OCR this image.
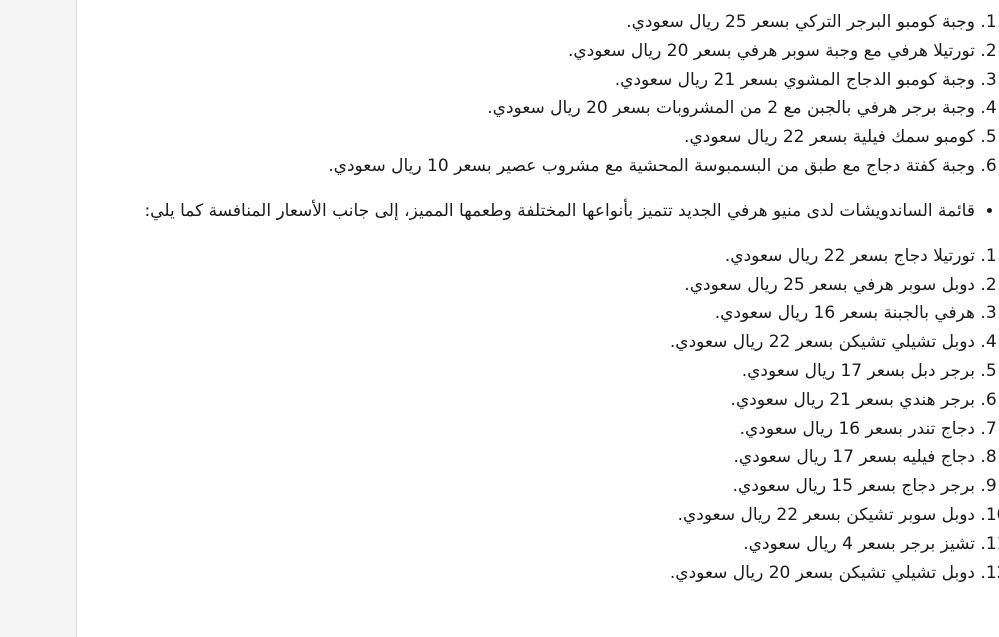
1. وجبة كومبو البرجر التركي بسعر 25 ريال سعودي.
2. تورتيلا هرفي مع وجبة سوبر هرفي بسعر 20 ريال سعودي.
3. وجبة كومبو الدجاج المشوي بسعر 21 ريال سعودي.
4. وجبة برجر هرفي بالجبن مع 2 من المشروبات بسعر 20 ريال سعودي.
5. كومبو سمك فيلية بسعر 22 ريال سعودي.
6. وجبة كفتة دجاج مع طبق من البسمبوسة المحشية مع مشروب عصير بسعر 10 ريال سعودي.
• قائمة الساندويشات لدى منيو هرفي الجديد تتميز بأنواعها المختلفة وطعمها المميز، إلى جانب الأسعار المنافسة كما يلي:
1. تورتيلا دجاج بسعر 22 ريال سعودي.
2. دوبل سوبر هرفي بسعر 25 ريال سعودي.
3. هرفي بالجبنة بسعر 16 ريال سعودي.
4. دوبل تشيلي تشيكن بسعر 22 ريال سعودي.
5. برجر دبل بسعر 17 ريال سعودي.
6. برجر هندي بسعر 21 ريال سعودي.
7. دجاج تندر بسعر 16 ريال سعودي.
8. دجاج فيليه بسعر 17 ريال سعودي.
9. برجر دجاج بسعر 15 ريال سعودي.
10. دوبل سوبر تشيكن بسعر 22 ريال سعودي.
11. تشيز برجر بسعر 4 ريال سعودي.
12. دوبل تشيلي تشيكن بسعر 20 ريال سعودي.
